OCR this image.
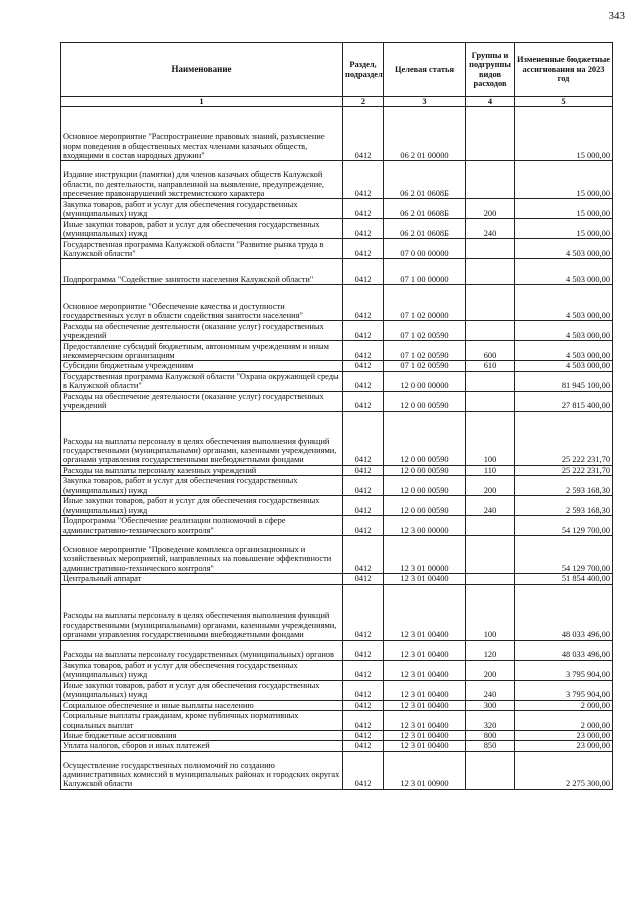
343
Наименование	Раздел, подраздел	Целевая статья	Группы и подгруппы видов расходов	Измененные бюджетные ассигнования на 2023 год
1	2	3	4	5
Основное мероприятие "Распространение правовых знаний, разъяснение норм поведения в общественных местах членами казачьих обществ, входящими в состав народных дружин"	0412	06 2 01 00000		15 000,00
Издание инструкции (памятки) для членов казачьих обществ Калужской области, по деятельности, направленной на выявление, предупреждение, пресечение правонарушений экстремистского характера	0412	06 2 01 0608Б		15 000,00
Закупка товаров, работ и услуг для обеспечения государственных (муниципальных) нужд	0412	06 2 01 0608Б	200	15 000,00
Иные закупки товаров, работ и услуг для обеспечения государственных (муниципальных) нужд	0412	06 2 01 0608Б	240	15 000,00
Государственная программа Калужской области "Развитие рынка труда в Калужской области"	0412	07 0 00 00000		4 503 000,00
Подпрограмма "Содействие занятости населения Калужской области"	0412	07 1 00 00000		4 503 000,00
Основное мероприятие "Обеспечение качества и доступности государственных услуг в области содействия занятости населения"	0412	07 1 02 00000		4 503 000,00
Расходы на обеспечение деятельности (оказание услуг) государственных учреждений	0412	07 1 02 00590		4 503 000,00
Предоставление субсидий бюджетным, автономным учреждениям и иным некоммерческим организациям	0412	07 1 02 00590	600	4 503 000,00
Субсидии бюджетным учреждениям	0412	07 1 02 00590	610	4 503 000,00
Государственная программа Калужской области "Охрана окружающей среды в Калужской области"	0412	12 0 00 00000		81 945 100,00
Расходы на обеспечение деятельности (оказание услуг) государственных учреждений	0412	12 0 00 00590		27 815 400,00
Расходы на выплаты персоналу в целях обеспечения выполнения функций государственными (муниципальными) органами, казенными учреждениями, органами управления государственными внебюджетными фондами	0412	12 0 00 00590	100	25 222 231,70
Расходы на выплаты персоналу казенных учреждений	0412	12 0 00 00590	110	25 222 231,70
Закупка товаров, работ и услуг для обеспечения государственных (муниципальных) нужд	0412	12 0 00 00590	200	2 593 168,30
Иные закупки товаров, работ и услуг для обеспечения государственных (муниципальных) нужд	0412	12 0 00 00590	240	2 593 168,30
Подпрограмма "Обеспечение реализации полномочий в сфере административно-технического контроля"	0412	12 3 00 00000		54 129 700,00
Основное мероприятие "Проведение комплекса организационных и хозяйственных мероприятий, направленных на повышение эффективности административно-технического контроля"	0412	12 3 01 00000		54 129 700,00
Центральный аппарат	0412	12 3 01 00400		51 854 400,00
Расходы на выплаты персоналу в целях обеспечения выполнения функций государственными (муниципальными) органами, казенными учреждениями, органами управления государственными внебюджетными фондами	0412	12 3 01 00400	100	48 033 496,00
Расходы на выплаты персоналу государственных (муниципальных) органов	0412	12 3 01 00400	120	48 033 496,00
Закупка товаров, работ и услуг для обеспечения государственных (муниципальных) нужд	0412	12 3 01 00400	200	3 795 904,00
Иные закупки товаров, работ и услуг для обеспечения государственных (муниципальных) нужд	0412	12 3 01 00400	240	3 795 904,00
Социальное обеспечение и иные выплаты населению	0412	12 3 01 00400	300	2 000,00
Социальные выплаты гражданам, кроме публичных нормативных социальных выплат	0412	12 3 01 00400	320	2 000,00
Иные бюджетные ассигнования	0412	12 3 01 00400	800	23 000,00
Уплата налогов, сборов и иных платежей	0412	12 3 01 00400	850	23 000,00
Осуществление государственных полномочий по созданию административных комиссий в муниципальных районах и городских округах Калужской области	0412	12 3 01 00900		2 275 300,00
